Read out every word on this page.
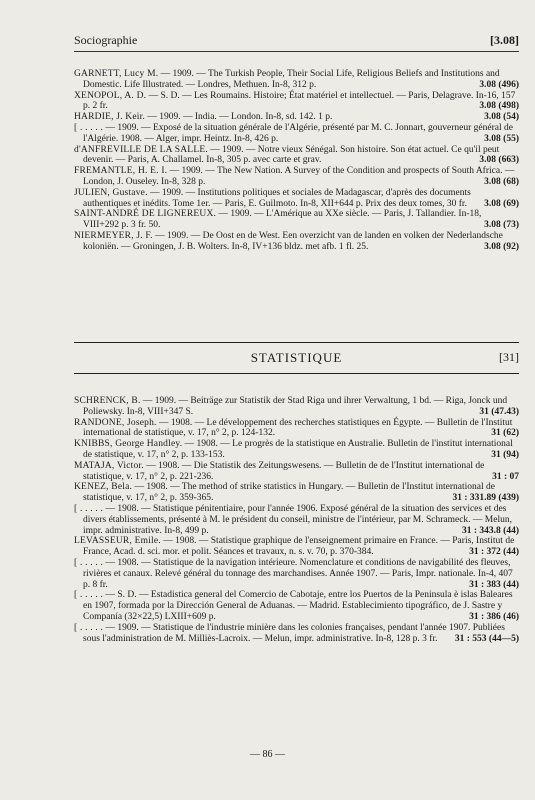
Sociographie	[3.08]

GARNETT, Lucy M. — 1909. — The Turkish People, Their Social Life, Religious Beliefs and Institutions and Domestic. Life Illustrated. — Londres, Methuen. In-8, 312 p.	3.08 (496)

XENOPOL, A. D. — S. D. — Les Roumains. Histoire; État matériel et intellectuel. — Paris, Delagrave. In-16, 157 p. 2 fr.	3.08 (498)

HARDIE, J. Keir. — 1909. — India. — London. In-8, sd. 142. 1 p.	3.08 (54)

[ . . . . . — 1909. — Exposé de la situation générale de l'Algérie, présenté par M. C. Jonnart, gouverneur général de l'Algérie. 1908. — Alger, impr. Heintz. In-8, 426 p.	3.08 (55)

d'ANFREVILLE DE LA SALLE. — 1909. — Notre vieux Sénégal. Son histoire. Son état actuel. Ce qu'il peut devenir. — Paris, A. Challamel. In-8, 305 p. avec carte et grav.	3.08 (663)

FREMANTLE, H. E. I. — 1909. — The New Nation. A Survey of the Condition and prospects of South Africa. — London, J. Ouseley. In-8, 328 p.	3.08 (68)

JULIEN, Gustave. — 1909. — Institutions politiques et sociales de Madagascar, d'après des documents authentiques et inédits. Tome 1er. — Paris, E. Guilmoto. In-8, XII+644 p. Prix des deux tomes, 30 fr.	3.08 (69)

SAINT-ANDRÉ DE LIGNEREUX. — 1909. — L'Amérique au XXe siècle. — Paris, J. Tallandier. In-18, VIII+292 p. 3 fr. 50.	3.08 (73)

NIERMEYER, J. F. — 1909. — De Oost en de West. Een overzicht van de landen en volken der Nederlandsche koloniën. — Groningen, J. B. Wolters. In-8, IV+136 bldz. met afb. 1 fl. 25.	3.08 (92)

STATISTIQUE	[31]

SCHRENCK, B. — 1909. — Beiträge zur Statistik der Stad Riga und ihrer Verwaltung, 1 bd. — Riga, Jonck und Poliewsky. In-8, VIII+347 S.	31 (47.43)

RANDONE, Joseph. — 1908. — Le développement des recherches statistiques en Égypte. — Bulletin de l'Institut international de statistique, v. 17, n° 2, p. 124-132.	31 (62)

KNIBBS, George Handley. — 1908. — Le progrès de la statistique en Australie. Bulletin de l'institut international de statistique, v. 17, n° 2, p. 133-153.	31 (94)

MATAJA, Victor. — 1908. — Die Statistik des Zeitungswesens. — Bulletin de de l'Institut international de statistique, v. 17, n° 2, p. 221-236.	31 : 07

KENEZ, Bela. — 1908. — The method of strike statistics in Hungary. — Bulletin de l'Institut international de statistique, v. 17, n° 2, p. 359-365.	31 : 331.89 (439)

[ . . . . . — 1908. — Statistique pénitentiaire, pour l'année 1906. Exposé général de la situation des services et des divers établissements, présenté à M. le président du conseil, ministre de l'intérieur, par M. Schrameck. — Melun, impr. administrative. In-8, 499 p.	31 : 343.8 (44)

LEVASSEUR, Emile. — 1908. — Statistique graphique de l'enseignement primaire en France. — Paris, Institut de France, Acad. d. sci. mor. et polit. Séances et travaux, n. s. v. 70, p. 370-384.	31 : 372 (44)

[ . . . . . — 1908. — Statistique de la navigation intérieure. Nomenclature et conditions de navigabilité des fleuves, rivières et canaux. Relevé général du tonnage des marchandises. Année 1907. — Paris, Impr. nationale. In-4, 407 p. 8 fr.	31 : 383 (44)

[ . . . . . — S. D. — Estadistica general del Comercio de Cabotaje, entre los Puertos de la Peninsula è islas Baleares en 1907, formada por la Dirección General de Aduanas. — Madrid. Establecimiento tipográfico, de J. Sastre y Companía (32×22,5) LXIII+609 p.	31 : 386 (46)

[ . . . . . — 1909. — Statistique de l'industrie minière dans les colonies françaises, pendant l'année 1907. Publiées sous l'administration de M. Milliès-Lacroix. — Melun, impr. administrative. In-8, 128 p. 3 fr.	31 : 553 (44—5)

— 86 —
